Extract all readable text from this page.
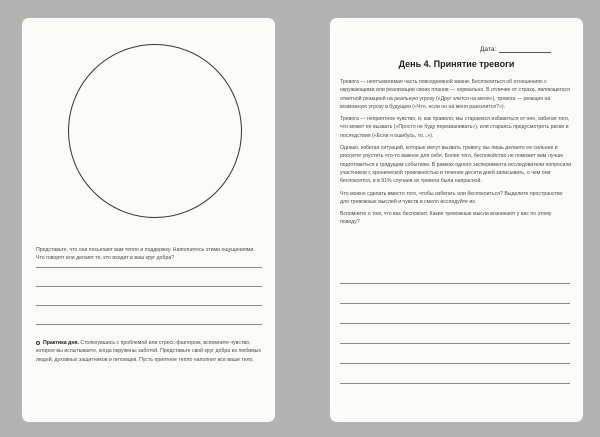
Представьте, что они посылают вам тепло и поддержку. Наполнитесь этими ощущениями. Что говорят или делают те, кто входит в ваш круг добра?

Практика дня. Столкнувшись с проблемой или стресс-фактором, вспомните чувство, которое вы испытываете, когда окружены заботой. Представьте свой круг добра из любимых людей, духовных защитников и питомцев. Пусть приятное тепло наполнит все ваше тело.

Дата:

День 4. Принятие тревоги

Тревога — неотъемлемая часть повседневной жизни. Беспокоиться об отношениях с окружающими или реализации своих планов — нормально. В отличие от страха, являющегося ответной реакцией на реальную угрозу («Друг злится на меня»), тревога — реакция на возможную угрозу в будущем («Что, если он на меня разозлится?»).

Тревога — неприятное чувство, и, как правило, мы стараемся избавиться от нее, избегая того, что может ее вызвать («Просто не буду перезванивать»), или стараясь предусмотреть риски и последствия («Если я ошибусь, то...»).

Однако, избегая ситуаций, которые могут вызвать тревогу, вы лишь делаете ее сильнее и рискуете упустить что-то важное для себя. Более того, беспокойство не поможет вам лучше подготовиться к грядущим событиям. В рамках одного эксперимента исследователи попросили участников с хронической тревожностью в течение десяти дней записывать, о чем они беспокоятся, и в 91% случаев их тревога была напрасной.

Что можно сделать вместо того, чтобы избегать или беспокоиться? Выделите пространство для тревожных мыслей и чувств и смело исследуйте их.

Вспомните о том, что вас беспокоит. Какие тревожные мысли возникают у вас по этому поводу?
